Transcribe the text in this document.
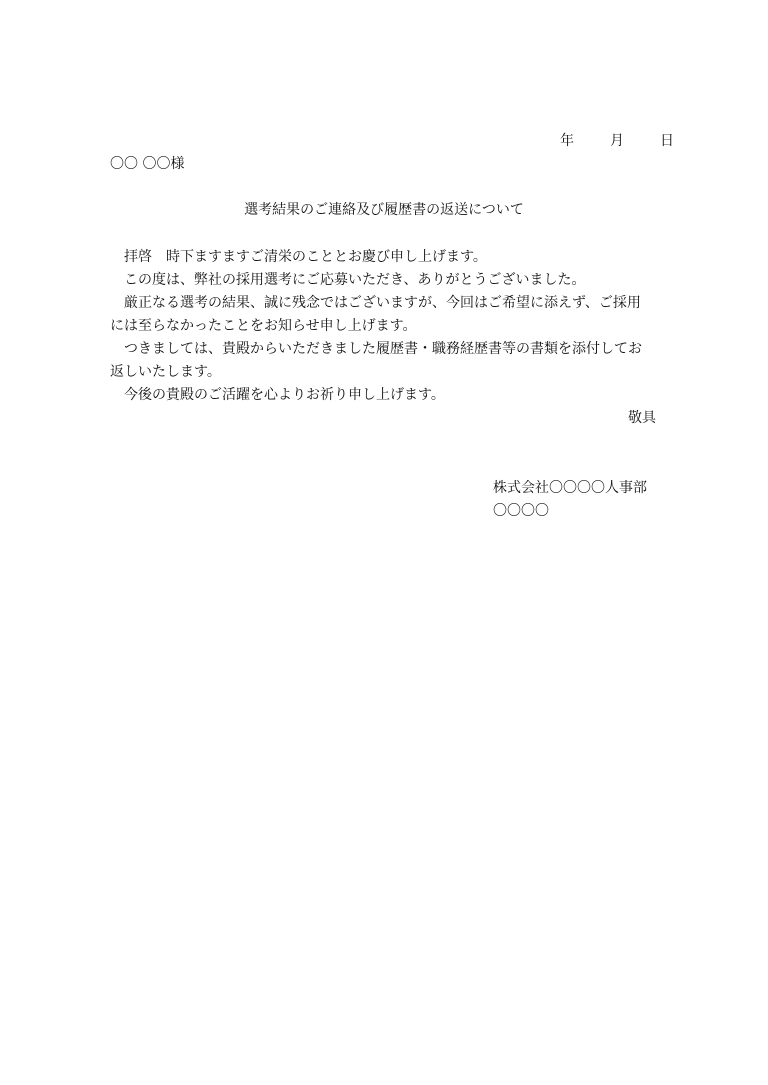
年	月	日
〇〇 〇〇様
選考結果のご連絡及び履歴書の返送について
　拝啓　時下ますますご清栄のこととお慶び申し上げます。
　この度は、弊社の採用選考にご応募いただき、ありがとうございました。
　厳正なる選考の結果、誠に残念ではございますが、今回はご希望に添えず、ご採用
には至らなかったことをお知らせ申し上げます。
　つきましては、貴殿からいただきました履歴書・職務経歴書等の書類を添付してお
返しいたします。
　今後の貴殿のご活躍を心よりお祈り申し上げます。
敬具
株式会社〇〇〇〇人事部
〇〇〇〇
